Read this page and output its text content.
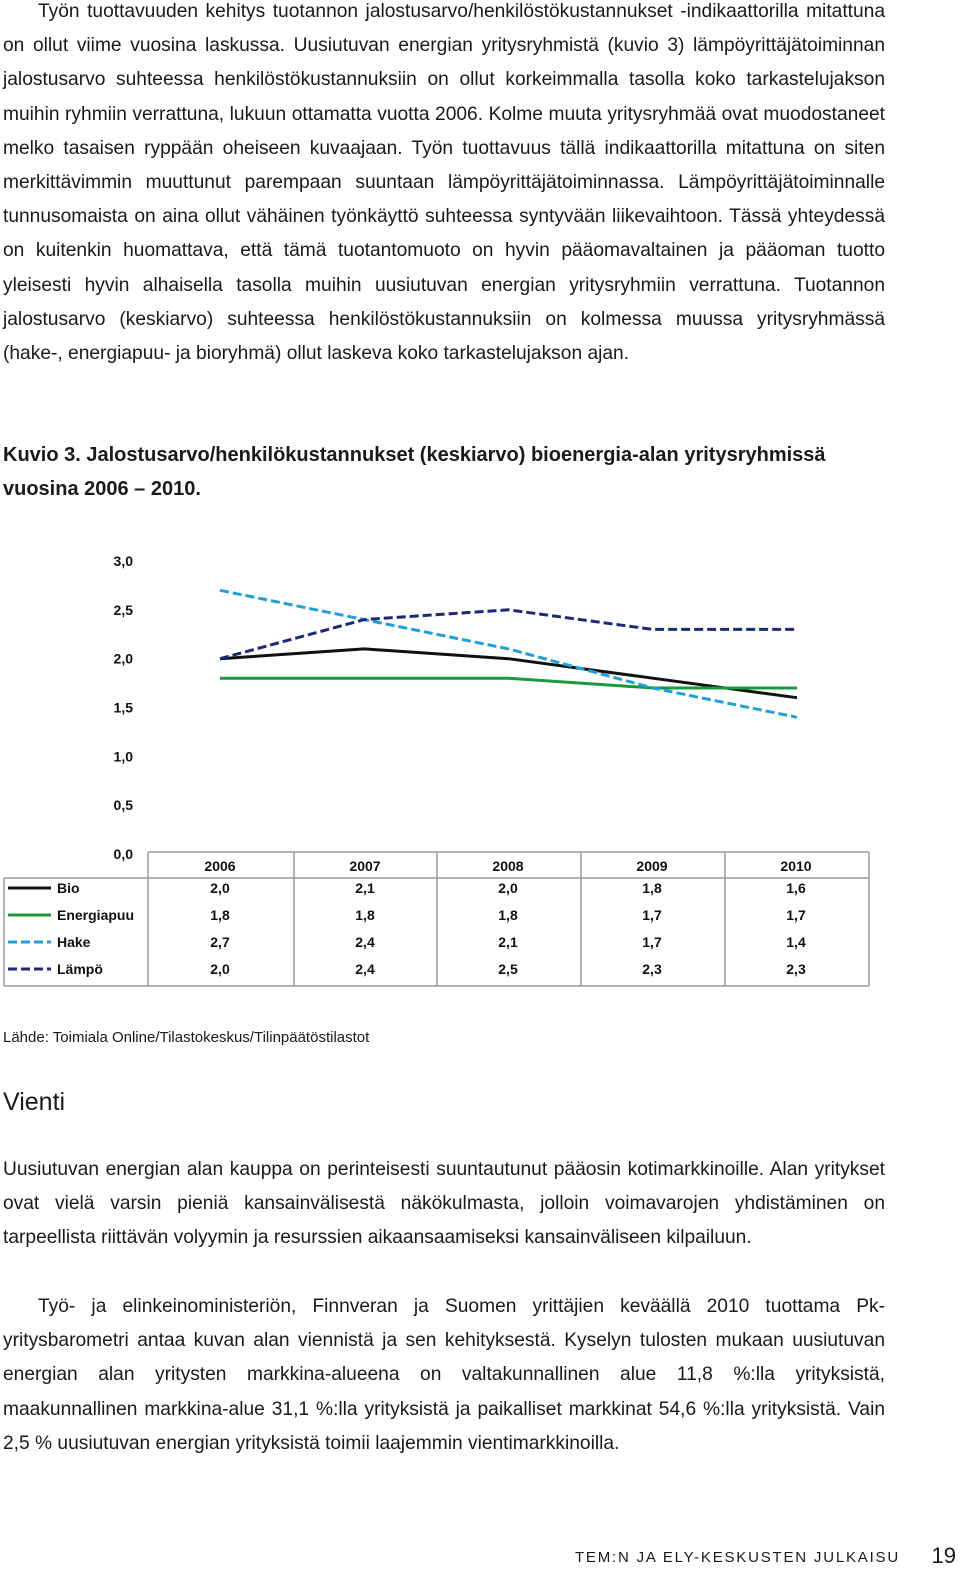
Työn tuottavuuden kehitys tuotannon jalostusarvo/henkilöstökustannukset -indikaattorilla mitattuna on ollut viime vuosina laskussa. Uusiutuvan energian yritysryhmistä (kuvio 3) lämpöyrittäjätoiminnan jalostusarvo suhteessa henkilöstökustannuksiin on ollut korkeimmalla tasolla koko tarkastelujakson muihin ryhmiin verrattuna, lukuun ottamatta vuotta 2006. Kolme muuta yritysryhmää ovat muodostaneet melko tasaisen ryppään oheiseen kuvaajaan. Työn tuottavuus tällä indikaattorilla mitattuna on siten merkittävimmin muuttunut parempaan suuntaan lämpöyrittäjätoiminnassa. Lämpöyrittäjätoiminnalle tunnusomaista on aina ollut vähäinen työnkäyttö suhteessa syntyvään liikevaihtoon. Tässä yhteydessä on kuitenkin huomattava, että tämä tuotantomuoto on hyvin pääomavaltainen ja pääoman tuotto yleisesti hyvin alhaisella tasolla muihin uusiutuvan energian yritysryhmiin verrattuna. Tuotannon jalostusarvo (keskiarvo) suhteessa henkilöstökustannuksiin on kolmessa muussa yritysryhmässä (hake-, energiapuu- ja bioryhmä) ollut laskeva koko tarkastelujakson ajan.

Kuvio 3. Jalostusarvo/henkilökustannukset (keskiarvo) bioenergia-alan yritysryhmissä vuosina 2006 – 2010.

3,0
2,5
2,0
1,5
1,0
0,5
0,0
2006	2007	2008	2009	2010
Bio	2,0	2,1	2,0	1,8	1,6
Energiapuu	1,8	1,8	1,8	1,7	1,7
Hake	2,7	2,4	2,1	1,7	1,4
Lämpö	2,0	2,4	2,5	2,3	2,3

Lähde: Toimiala Online/Tilastokeskus/Tilinpäätöstilastot

Vienti

Uusiutuvan energian alan kauppa on perinteisesti suuntautunut pääosin kotimarkkinoille. Alan yritykset ovat vielä varsin pieniä kansainvälisestä näkökulmasta, jolloin voimavarojen yhdistäminen on tarpeellista riittävän volyymin ja resurssien aikaansaamiseksi kansainväliseen kilpailuun.

Työ- ja elinkeinoministeriön, Finnveran ja Suomen yrittäjien keväällä 2010 tuottama Pk-yritysbarometri antaa kuvan alan viennistä ja sen kehityksestä. Kyselyn tulosten mukaan uusiutuvan energian alan yritysten markkina-alueena on valtakunnallinen alue 11,8 %:lla yrityksistä, maakunnallinen markkina-alue 31,1 %:lla yrityksistä ja paikalliset markkinat 54,6 %:lla yrityksistä. Vain 2,5 % uusiutuvan energian yrityksistä toimii laajemmin vientimarkkinoilla.

TEM:N JA ELY-KESKUSTEN JULKAISU 19
